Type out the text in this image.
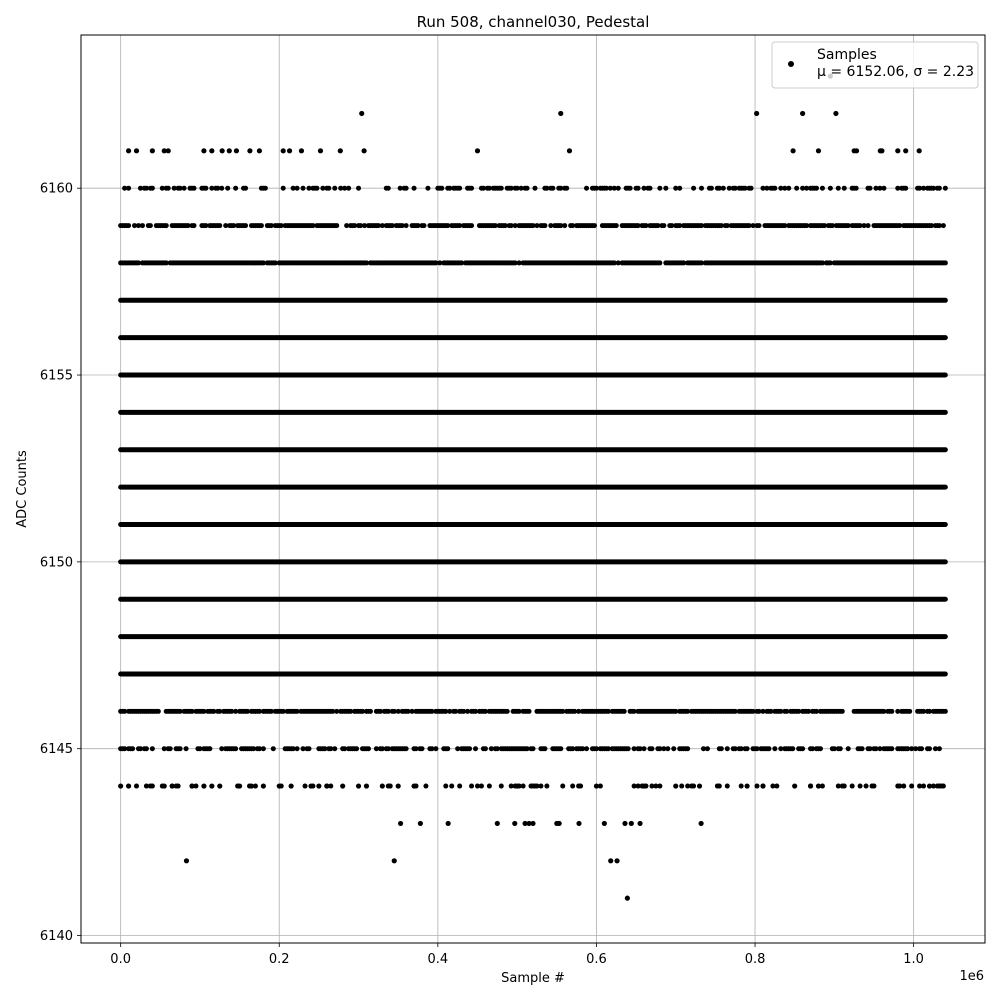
Run 508, channel030, Pedestal
0.0	0.2	0.4	0.6	0.8	1.0
6140
6145
6150
6155
6160
Sample #
ADC Counts
1e6
Samples
μ = 6152.06, σ = 2.23
